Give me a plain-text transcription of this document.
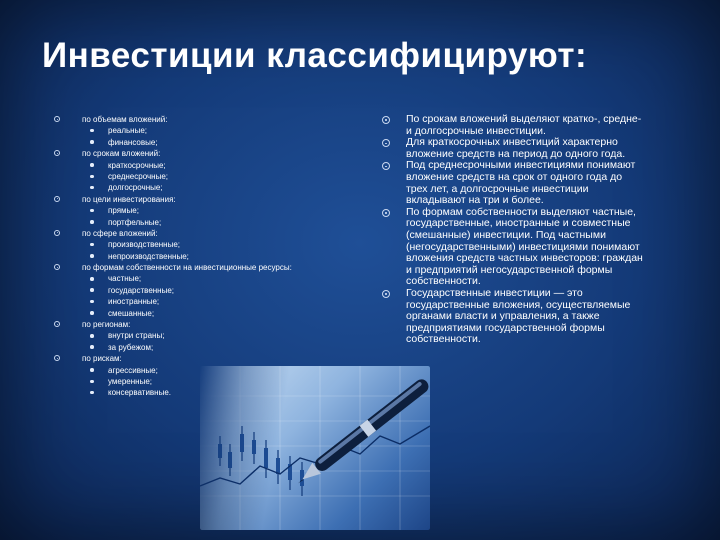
Инвестиции классифицируют:
по объемам вложений:
реальные;
финансовые;
по срокам вложений:
краткосрочные;
среднесрочные;
долгосрочные;
по цели инвестирования:
прямые;
портфельные;
по сфере вложений:
производственные;
непроизводственные;
по формам собственности на инвестиционные ресурсы:
частные;
государственные;
иностранные;
смешанные;
по регионам:
внутри страны;
за рубежом;
по рискам:
агрессивные;
умеренные;
консервативные.
По срокам вложений выделяют кратко-, средне-
и долгосрочные инвестиции.
Для краткосрочных инвестиций характерно
вложение средств на период до одного года.
Под среднесрочными инвестициями понимают
вложение средств на срок от одного года до
трех лет, а долгосрочные инвестиции
вкладывают на три и более.
По формам собственности выделяют частные,
государственные, иностранные и совместные
(смешанные) инвестиции. Под частными
(негосударственными) инвестициями понимают
вложения средств частных инвесторов: граждан
и предприятий негосударственной формы
собственности.
Государственные инвестиции — это
государственные вложения, осуществляемые
органами власти и управления, а также
предприятиями государственной формы
собственности.
